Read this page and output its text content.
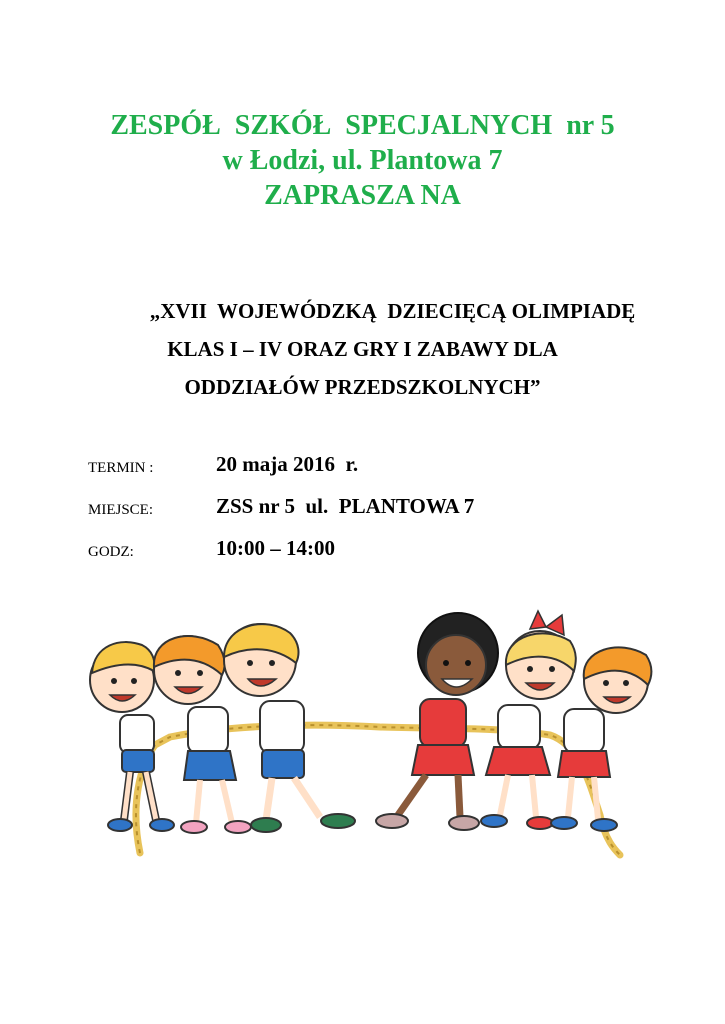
ZESPÓŁ  SZKÓŁ  SPECJALNYCH  nr 5
w Łodzi, ul. Plantowa 7
ZAPRASZA NA
„XVII  WOJEWÓDZKĄ  DZIECIĘCĄ OLIMPIADĘ
KLAS I – IV ORAZ GRY I ZABAWY DLA
ODDZIAŁÓW PRZEDSZKOLNYCH”
TERMIN :	20 maja 2016  r.
MIEJSCE:	ZSS nr 5  ul.  PLANTOWA 7
GODZ:	10:00 – 14:00
